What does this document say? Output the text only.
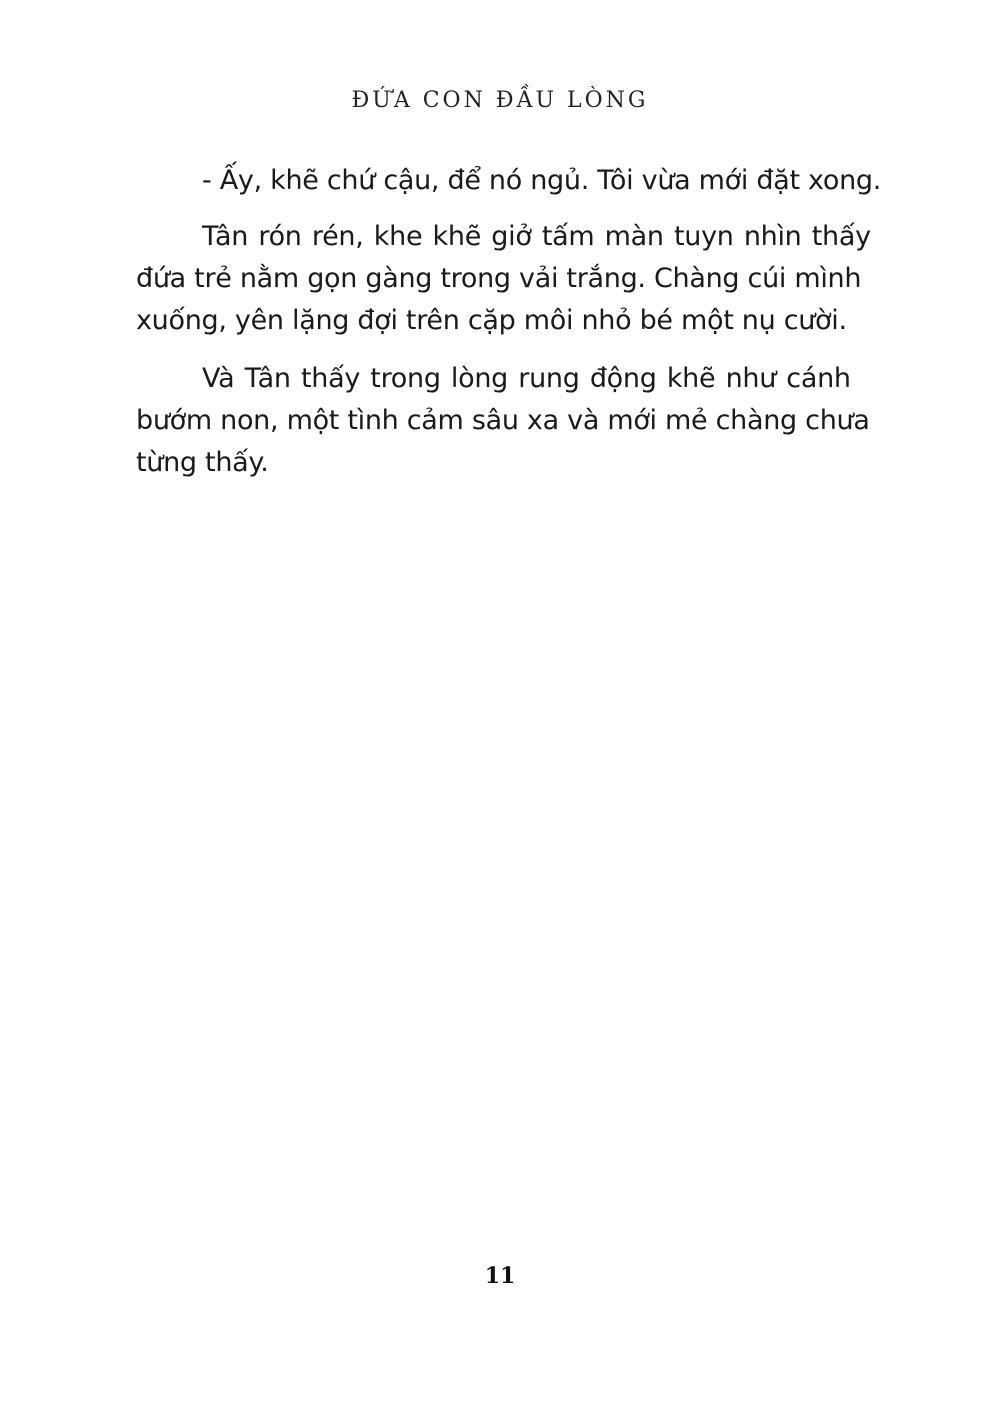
ĐỨA CON ĐẦU LÒNG
- Ấy, khẽ chứ cậu, để nó ngủ. Tôi vừa mới đặt xong.
Tân rón rén, khe khẽ giở tấm màn tuyn nhìn thấy
đứa trẻ nằm gọn gàng trong vải trắng. Chàng cúi mình
xuống, yên lặng đợi trên cặp môi nhỏ bé một nụ cười.
Và Tân thấy trong lòng rung động khẽ như cánh
bướm non, một tình cảm sâu xa và mới mẻ chàng chưa
từng thấy.
11
